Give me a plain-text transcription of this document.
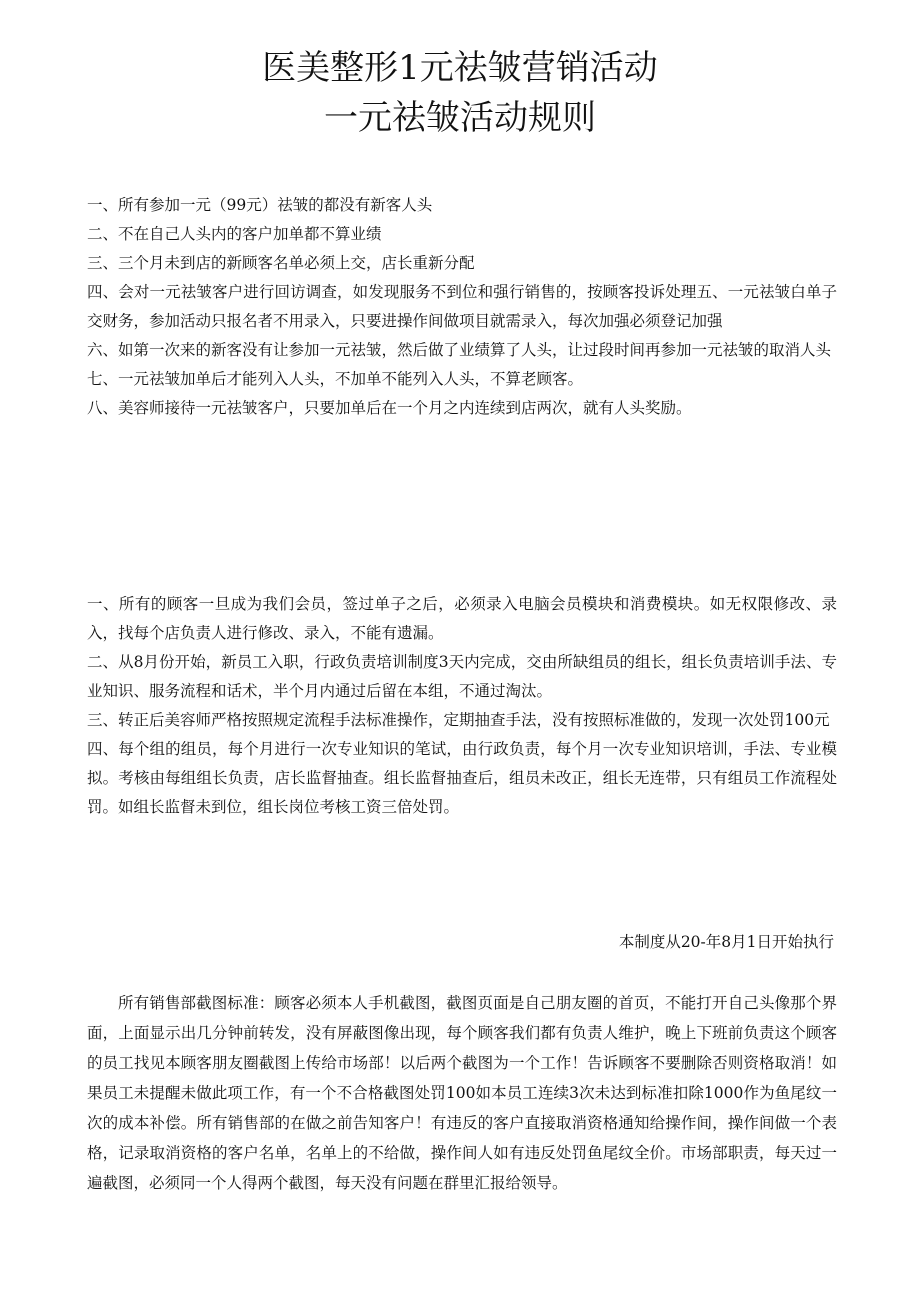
医美整形1元祛皱营销活动
一元祛皱活动规则

一、所有参加一元（99元）祛皱的都没有新客人头

二、不在自己人头内的客户加单都不算业绩

三、三个月未到店的新顾客名单必须上交，店长重新分配

四、会对一元祛皱客户进行回访调查，如发现服务不到位和强行销售的，按顾客投诉处理五、一元祛皱白单子交财务，参加活动只报名者不用录入，只要进操作间做项目就需录入，每次加强必须登记加强

六、如第一次来的新客没有让参加一元祛皱，然后做了业绩算了人头，让过段时间再参加一元祛皱的取消人头

七、一元祛皱加单后才能列入人头，不加单不能列入人头，不算老顾客。

八、美容师接待一元祛皱客户，只要加单后在一个月之内连续到店两次，就有人头奖励。

一、所有的顾客一旦成为我们会员，签过单子之后，必须录入电脑会员模块和消费模块。如无权限修改、录入，找每个店负责人进行修改、录入，不能有遗漏。

二、从8月份开始，新员工入职，行政负责培训制度3天内完成，交由所缺组员的组长，组长负责培训手法、专业知识、服务流程和话术，半个月内通过后留在本组，不通过淘汰。

三、转正后美容师严格按照规定流程手法标准操作，定期抽查手法，没有按照标准做的，发现一次处罚100元

四、每个组的组员，每个月进行一次专业知识的笔试，由行政负责，每个月一次专业知识培训，手法、专业模拟。考核由每组组长负责，店长监督抽查。组长监督抽查后，组员未改正，组长无连带，只有组员工作流程处罚。如组长监督未到位，组长岗位考核工资三倍处罚。

本制度从20-年8月1日开始执行

所有销售部截图标准：顾客必须本人手机截图，截图页面是自己朋友圈的首页，不能打开自己头像那个界面，上面显示出几分钟前转发，没有屏蔽图像出现，每个顾客我们都有负责人维护，晚上下班前负责这个顾客的员工找见本顾客朋友圈截图上传给市场部！以后两个截图为一个工作！告诉顾客不要删除否则资格取消！如果员工未提醒未做此项工作，有一个不合格截图处罚100如本员工连续3次未达到标准扣除1000作为鱼尾纹一次的成本补偿。所有销售部的在做之前告知客户！有违反的客户直接取消资格通知给操作间，操作间做一个表格，记录取消资格的客户名单，名单上的不给做，操作间人如有违反处罚鱼尾纹全价。市场部职责，每天过一遍截图，必须同一个人得两个截图，每天没有问题在群里汇报给领导。
